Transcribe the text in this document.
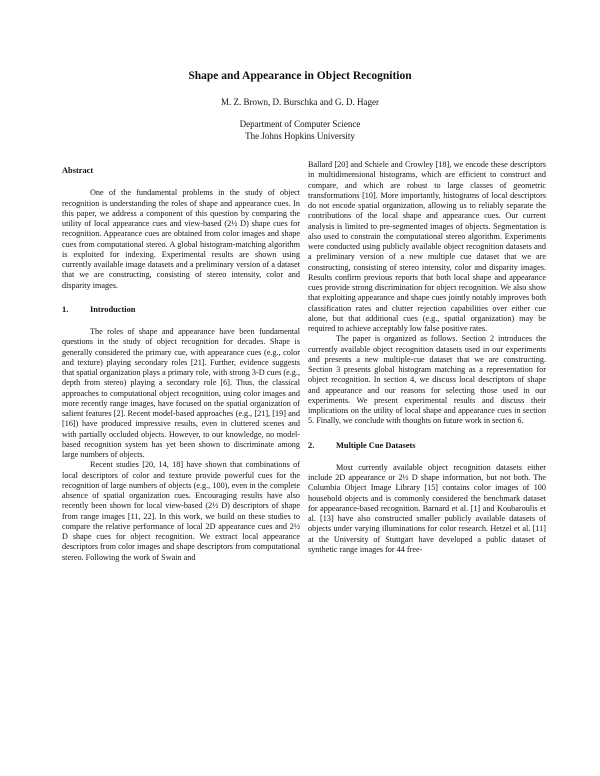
Shape and Appearance in Object Recognition
M. Z. Brown, D. Burschka and G. D. Hager
Department of Computer Science
The Johns Hopkins University

Abstract

One of the fundamental problems in the study of object recognition is understanding the roles of shape and appearance cues. In this paper, we address a component of this question by comparing the utility of local appearance cues and view-based (2½ D) shape cues for recognition. Appearance cues are obtained from color images and shape cues from computational stereo. A global histogram-matching algorithm is exploited for indexing. Experimental results are shown using currently available image datasets and a preliminary version of a dataset that we are constructing, consisting of stereo intensity, color and disparity images.

1.	Introduction

The roles of shape and appearance have been fundamental questions in the study of object recognition for decades. Shape is generally considered the primary cue, with appearance cues (e.g., color and texture) playing secondary roles [21]. Further, evidence suggests that spatial organization plays a primary role, with strong 3-D cues (e.g., depth from stereo) playing a secondary role [6]. Thus, the classical approaches to computational object recognition, using color images and more recently range images, have focused on the spatial organization of salient features [2]. Recent model-based approaches (e.g., [21], [19] and [16]) have produced impressive results, even in cluttered scenes and with partially occluded objects. However, to our knowledge, no model-based recognition system has yet been shown to discriminate among large numbers of objects.

Recent studies [20, 14, 18] have shown that combinations of local descriptors of color and texture provide powerful cues for the recognition of large numbers of objects (e.g., 100), even in the complete absence of spatial organization cues. Encouraging results have also recently been shown for local view-based (2½ D) descriptors of shape from range images [11, 22]. In this work, we build on these studies to compare the relative performance of local 2D appearance cues and 2½ D shape cues for object recognition. We extract local appearance descriptors from color images and shape descriptors from computational stereo. Following the work of Swain and

Ballard [20] and Schiele and Crowley [18], we encode these descriptors in multidimensional histograms, which are efficient to construct and compare, and which are robust to large classes of geometric transformations [10]. More importantly, histograms of local descriptors do not encode spatial organization, allowing us to reliably separate the contributions of the local shape and appearance cues. Our current analysis is limited to pre-segmented images of objects. Segmentation is also used to constrain the computational stereo algorithm. Experiments were conducted using publicly available object recognition datasets and a preliminary version of a new multiple cue dataset that we are constructing, consisting of stereo intensity, color and disparity images. Results confirm previous reports that both local shape and appearance cues provide strong discrimination for object recognition. We also show that exploiting appearance and shape cues jointly notably improves both classification rates and clutter rejection capabilities over either cue alone, but that additional cues (e.g., spatial organization) may be required to achieve acceptably low false positive rates.

The paper is organized as follows. Section 2 introduces the currently available object recognition datasets used in our experiments and presents a new multiple-cue dataset that we are constructing. Section 3 presents global histogram matching as a representation for object recognition. In section 4, we discuss local descriptors of shape and appearance and our reasons for selecting those used in our experiments. We present experimental results and discuss their implications on the utility of local shape and appearance cues in section 5. Finally, we conclude with thoughts on future work in section 6.

2.	Multiple Cue Datasets

Most currently available object recognition datasets either include 2D appearance or 2½ D shape information, but not both. The Columbia Object Image Library [15] contains color images of 100 household objects and is commonly considered the benchmark dataset for appearance-based recognition. Barnard et al. [1] and Koubaroulis et al. [13] have also constructed smaller publicly available datasets of objects under varying illuminations for color research. Hetzel et al. [11] at the University of Stuttgart have developed a public dataset of synthetic range images for 44 free-
